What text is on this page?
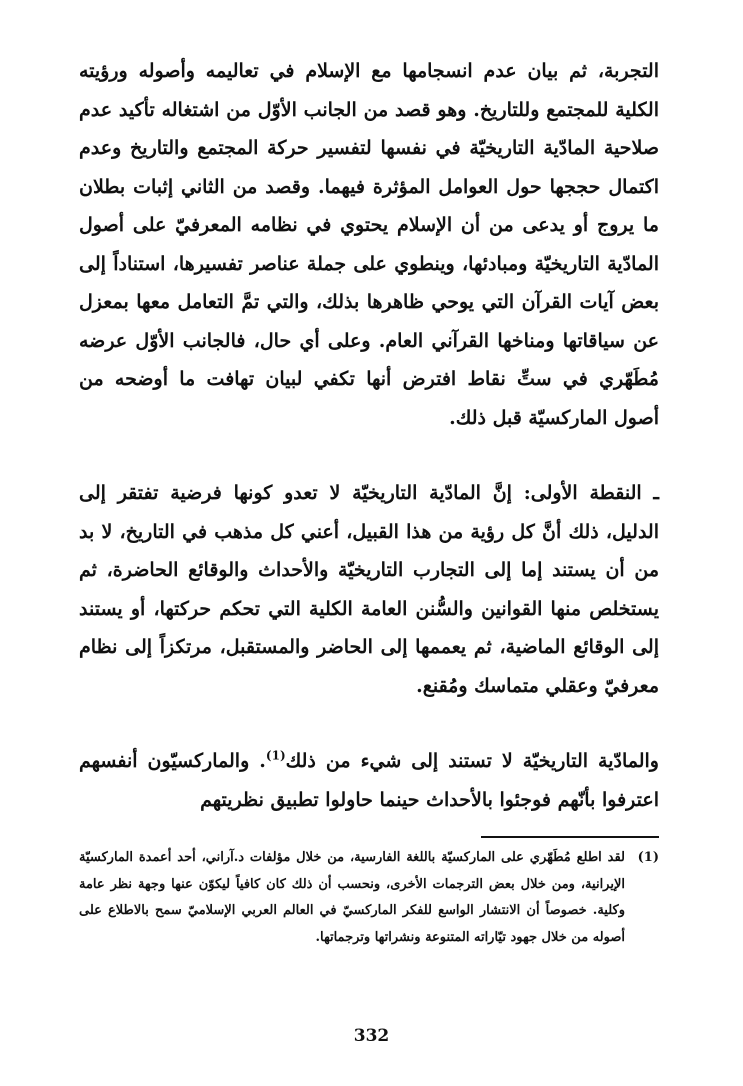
التجربة، ثم بيان عدم انسجامها مع الإسلام في تعاليمه وأصوله ورؤيته الكلية للمجتمع وللتاريخ. وهو قصد من الجانب الأوّل من اشتغاله تأكيد عدم صلاحية المادّية التاريخيّة في نفسها لتفسير حركة المجتمع والتاريخ وعدم اكتمال حججها حول العوامل المؤثرة فيهما. وقصد من الثاني إثبات بطلان ما يروج أو يدعى من أن الإسلام يحتوي في نظامه المعرفيّ على أصول المادّية التاريخيّة ومبادئها، وينطوي على جملة عناصر تفسيرها، استناداً إلى بعض آيات القرآن التي يوحي ظاهرها بذلك، والتي تمَّ التعامل معها بمعزل عن سياقاتها ومناخها القرآني العام. وعلى أي حال، فالجانب الأوّل عرضه مُطَهّري في ستِّ نقاط افترض أنها تكفي لبيان تهافت ما أوضحه من أصول الماركسيّة قبل ذلك.

ـ النقطة الأولى: إنَّ المادّية التاريخيّة لا تعدو كونها فرضية تفتقر إلى الدليل، ذلك أنَّ كل رؤية من هذا القبيل، أعني كل مذهب في التاريخ، لا بد من أن يستند إما إلى التجارب التاريخيّة والأحداث والوقائع الحاضرة، ثم يستخلص منها القوانين والسُّنن العامة الكلية التي تحكم حركتها، أو يستند إلى الوقائع الماضية، ثم يعممها إلى الحاضر والمستقبل، مرتكزاً إلى نظام معرفيّ وعقلي متماسك ومُقنع.

والمادّية التاريخيّة لا تستند إلى شيء من ذلك$^{(1)}$. والماركسيّون أنفسهم اعترفوا بأنّهم فوجئوا بالأحداث حينما حاولوا تطبيق نظريتهم

(1)
لقد اطلع مُطَهّري على الماركسيّة باللغة الفارسية، من خلال مؤلفات د.آراني، أحد أعمدة الماركسيّة الإيرانية، ومن خلال بعض الترجمات الأخرى، ونحسب أن ذلك كان كافياً ليكوّن عنها وجهة نظر عامة وكلية. خصوصاً أن الانتشار الواسع للفكر الماركسيّ في العالم العربي الإسلاميّ سمح بالاطلاع على أصوله من خلال جهود تيّاراته المتنوعة ونشراتها وترجماتها.
332
